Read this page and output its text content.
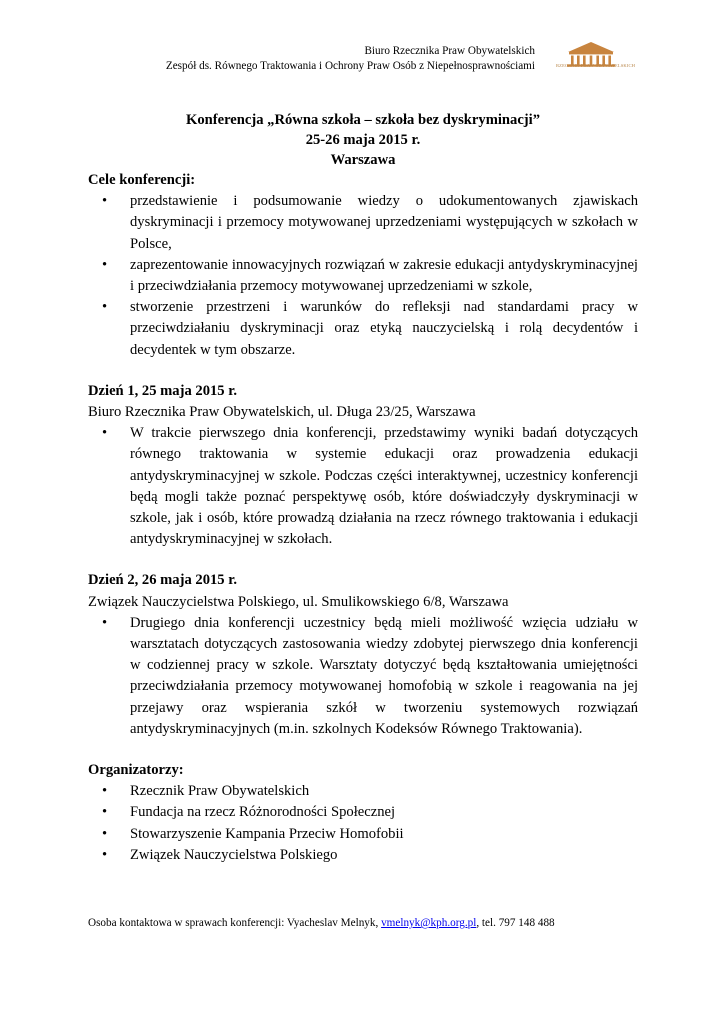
Biuro Rzecznika Praw Obywatelskich
Zespół ds. Równego Traktowania i Ochrony Praw Osób z Niepełnosprawnościami	RZECZNIK PRAW OBYWATELSKICH
Konferencja „Równa szkoła – szkoła bez dyskryminacji”
25-26 maja 2015 r.
Warszawa

Cele konferencji:

• przedstawienie i podsumowanie wiedzy o udokumentowanych zjawiskach dyskryminacji i przemocy motywowanej uprzedzeniami występujących w szkołach w Polsce,
• zaprezentowanie innowacyjnych rozwiązań w zakresie edukacji antydyskryminacyjnej i przeciwdziałania przemocy motywowanej uprzedzeniami w szkole,
• stworzenie przestrzeni i warunków do refleksji nad standardami pracy w przeciwdziałaniu dyskryminacji oraz etyką nauczycielską i rolą decydentów i decydentek w tym obszarze.

Dzień 1, 25 maja 2015 r.

Biuro Rzecznika Praw Obywatelskich, ul. Długa 23/25, Warszawa

• W trakcie pierwszego dnia konferencji, przedstawimy wyniki badań dotyczących równego traktowania w systemie edukacji oraz prowadzenia edukacji antydyskryminacyjnej w szkole. Podczas części interaktywnej, uczestnicy konferencji będą mogli także poznać perspektywę osób, które doświadczyły dyskryminacji w szkole, jak i osób, które prowadzą działania na rzecz równego traktowania i edukacji antydyskryminacyjnej w szkołach.

Dzień 2, 26 maja 2015 r.

Związek Nauczycielstwa Polskiego, ul. Smulikowskiego 6/8, Warszawa

• Drugiego dnia konferencji uczestnicy będą mieli możliwość wzięcia udziału w warsztatach dotyczących zastosowania wiedzy zdobytej pierwszego dnia konferencji w codziennej pracy w szkole. Warsztaty dotyczyć będą kształtowania umiejętności przeciwdziałania przemocy motywowanej homofobią w szkole i reagowania na jej przejawy oraz wspierania szkół w tworzeniu systemowych rozwiązań antydyskryminacyjnych (m.in. szkolnych Kodeksów Równego Traktowania).

Organizatorzy:

• Rzecznik Praw Obywatelskich
• Fundacja na rzecz Różnorodności Społecznej
• Stowarzyszenie Kampania Przeciw Homofobii
• Związek Nauczycielstwa Polskiego
Osoba kontaktowa w sprawach konferencji: Vyacheslav Melnyk, vmelnyk@kph.org.pl, tel. 797 148 488
